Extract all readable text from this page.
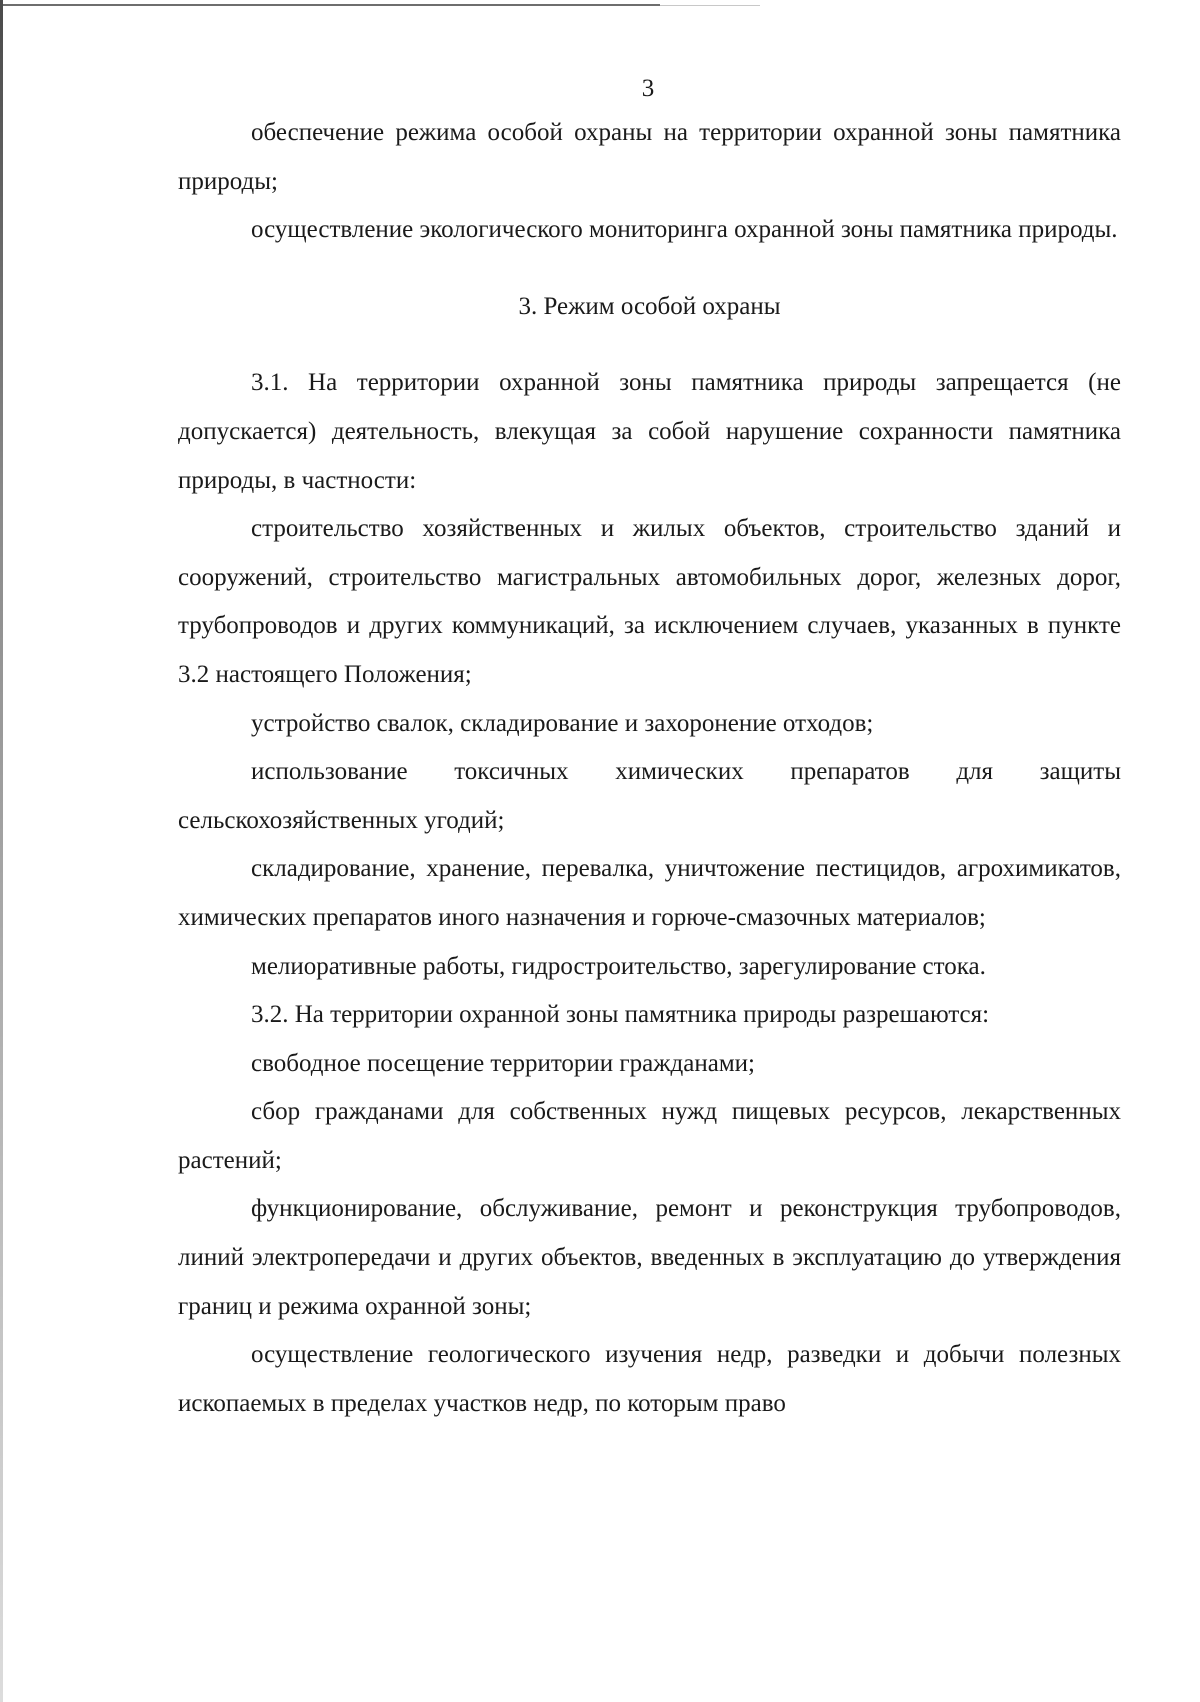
3

обеспечение режима особой охраны на территории охранной зоны памятника природы;

осуществление экологического мониторинга охранной зоны памятника природы.

3. Режим особой охраны

3.1. На территории охранной зоны памятника природы запрещается (не допускается) деятельность, влекущая за собой нарушение сохранности памятника природы, в частности:

строительство хозяйственных и жилых объектов, строительство зданий и сооружений, строительство магистральных автомобильных дорог, железных дорог, трубопроводов и других коммуникаций, за исключением случаев, указанных в пункте 3.2 настоящего Положения;

устройство свалок, складирование и захоронение отходов;

использование токсичных химических препаратов для защиты сельскохозяйственных угодий;

складирование, хранение, перевалка, уничтожение пестицидов, агрохимикатов, химических препаратов иного назначения и горюче-смазочных материалов;

мелиоративные работы, гидростроительство, зарегулирование стока.

3.2. На территории охранной зоны памятника природы разрешаются:

свободное посещение территории гражданами;

сбор гражданами для собственных нужд пищевых ресурсов, лекарственных растений;

функционирование, обслуживание, ремонт и реконструкция трубопроводов, линий электропередачи и других объектов, введенных в эксплуатацию до утверждения границ и режима охранной зоны;

осуществление геологического изучения недр, разведки и добычи полезных ископаемых в пределах участков недр, по которым право
